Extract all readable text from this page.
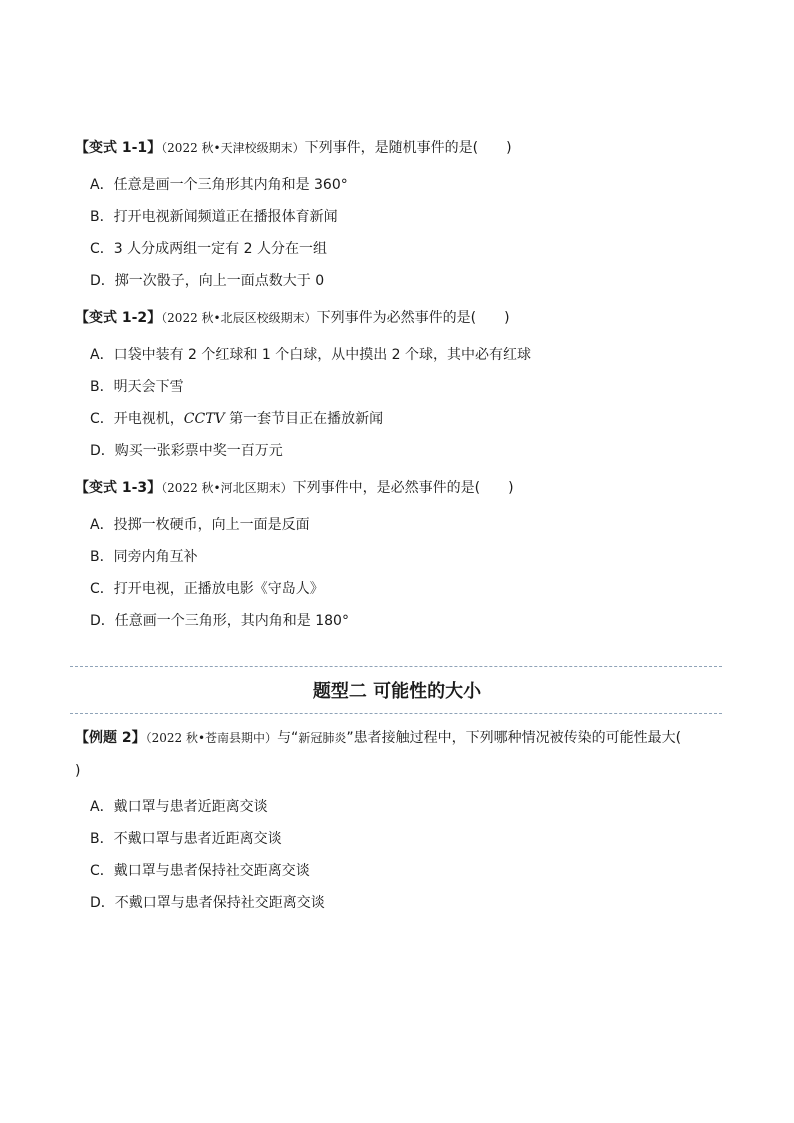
【变式 1-1】（2022 秋•天津校级期末）下列事件，是随机事件的是(　　)
A．任意是画一个三角形其内角和是 360°
B．打开电视新闻频道正在播报体育新闻
C．3 人分成两组一定有 2 人分在一组
D．掷一次骰子，向上一面点数大于 0
【变式 1-2】（2022 秋•北辰区校级期末）下列事件为必然事件的是(　　)
A．口袋中装有 2 个红球和 1 个白球，从中摸出 2 个球，其中必有红球
B．明天会下雪
C．开电视机，CCTV 第一套节目正在播放新闻
D．购买一张彩票中奖一百万元
【变式 1-3】（2022 秋•河北区期末）下列事件中，是必然事件的是(　　)
A．投掷一枚硬币，向上一面是反面
B．同旁内角互补
C．打开电视，正播放电影《守岛人》
D．任意画一个三角形，其内角和是 180°
题型二 可能性的大小
【例题 2】（2022 秋•苍南县期中）与“新冠肺炎”患者接触过程中，下列哪种情况被传染的可能性最大(
)
A．戴口罩与患者近距离交谈
B．不戴口罩与患者近距离交谈
C．戴口罩与患者保持社交距离交谈
D．不戴口罩与患者保持社交距离交谈
